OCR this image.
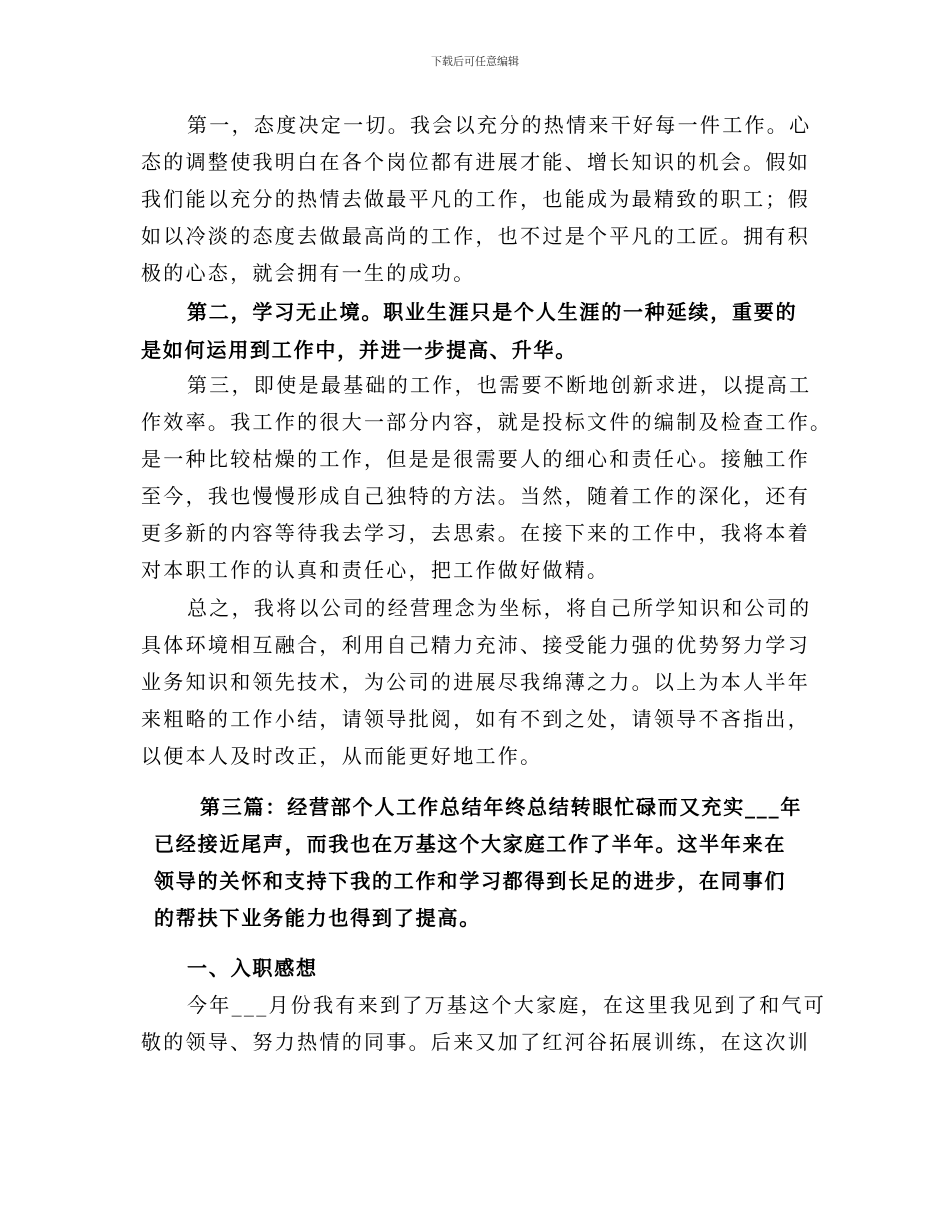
下载后可任意编辑
第一，态度决定一切。我会以充分的热情来干好每一件工作。心
态的调整使我明白在各个岗位都有进展才能、增长知识的机会。假如
我们能以充分的热情去做最平凡的工作，也能成为最精致的职工；假
如以冷淡的态度去做最高尚的工作，也不过是个平凡的工匠。拥有积
极的心态，就会拥有一生的成功。
第二，学习无止境。职业生涯只是个人生涯的一种延续，重要的
是如何运用到工作中，并进一步提高、升华。
第三，即使是最基础的工作，也需要不断地创新求进，以提高工
作效率。我工作的很大一部分内容，就是投标文件的编制及检查工作。
是一种比较枯燥的工作，但是是很需要人的细心和责任心。接触工作
至今，我也慢慢形成自己独特的方法。当然，随着工作的深化，还有
更多新的内容等待我去学习，去思索。在接下来的工作中，我将本着
对本职工作的认真和责任心，把工作做好做精。
总之，我将以公司的经营理念为坐标，将自己所学知识和公司的
具体环境相互融合，利用自己精力充沛、接受能力强的优势努力学习
业务知识和领先技术，为公司的进展尽我绵薄之力。以上为本人半年
来粗略的工作小结，请领导批阅，如有不到之处，请领导不吝指出，
以便本人及时改正，从而能更好地工作。
第三篇：经营部个人工作总结年终总结转眼忙碌而又充实___年
已经接近尾声，而我也在万基这个大家庭工作了半年。这半年来在
领导的关怀和支持下我的工作和学习都得到长足的进步，在同事们
的帮扶下业务能力也得到了提高。
一、入职感想
今年___月份我有来到了万基这个大家庭，在这里我见到了和气可
敬的领导、努力热情的同事。后来又加了红河谷拓展训练，在这次训
